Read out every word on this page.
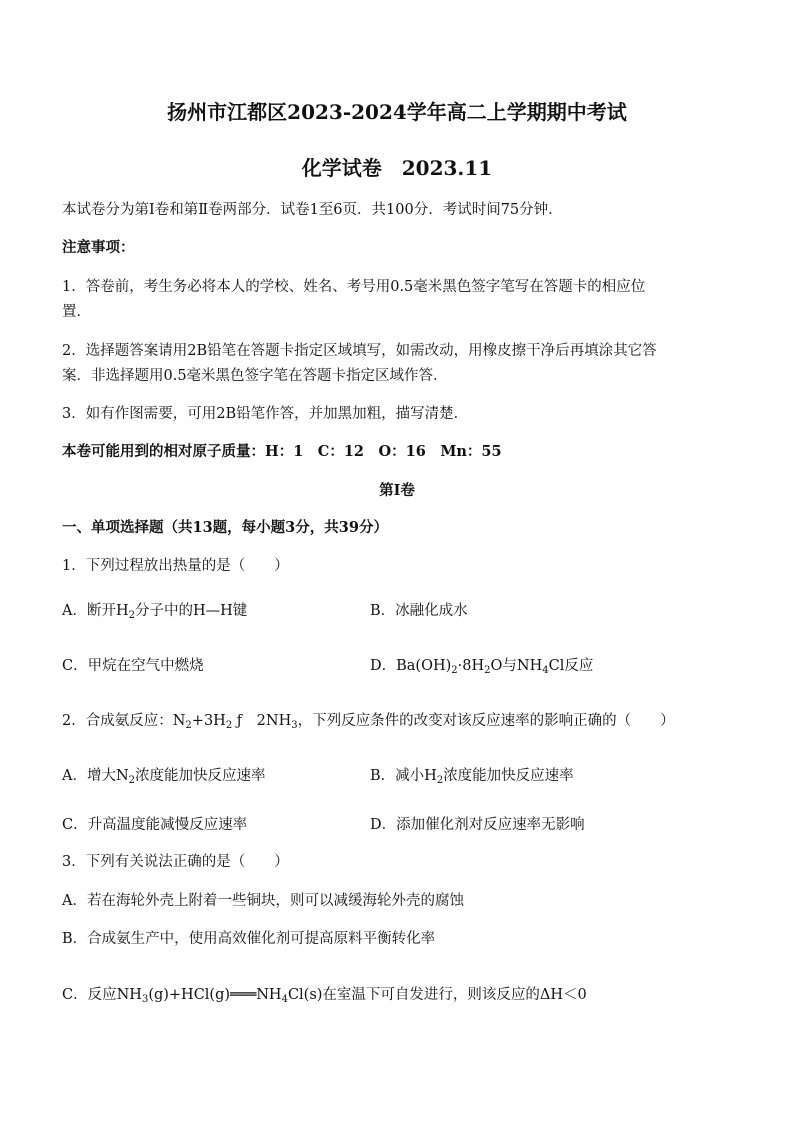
扬州市江都区2023-2024学年高二上学期期中考试
化学试卷　2023.11
本试卷分为第Ⅰ卷和第Ⅱ卷两部分．试卷1至6页．共100分．考试时间75分钟．
注意事项：
1．答卷前，考生务必将本人的学校、姓名、考号用0.5毫米黑色签字笔写在答题卡的相应位
置．
2．选择题答案请用2B铅笔在答题卡指定区域填写，如需改动，用橡皮擦干净后再填涂其它答
案．非选择题用0.5毫米黑色签字笔在答题卡指定区域作答．
3．如有作图需要，可用2B铅笔作答，并加黑加粗，描写清楚．
本卷可能用到的相对原子质量：H：1　C：12　O：16　Mn：55
第Ⅰ卷
一、单项选择题（共13题，每小题3分，共39分）
1．下列过程放出热量的是（　　）
A．断开$H_2$分子中的H—H键	B．冰融化成水
C．甲烷在空气中燃烧	D．$Ba(OH)_2\cdot 8H_2O$与$NH_4Cl$反应
2．合成氨反应：$N_2+3H_2$ ƒ　$2NH_3$，下列反应条件的改变对该反应速率的影响正确的（　　）
A．增大$N_2$浓度能加快反应速率	B．减小$H_2$浓度能加快反应速率
C．升高温度能减慢反应速率	D．添加催化剂对反应速率无影响
3．下列有关说法正确的是（　　）
A．若在海轮外壳上附着一些铜块，则可以减缓海轮外壳的腐蚀
B．合成氨生产中，使用高效催化剂可提高原料平衡转化率
C．反应$NH_3(g)+HCl(g)═══NH_4Cl(s)$在室温下可自发进行，则该反应的ΔH＜0
